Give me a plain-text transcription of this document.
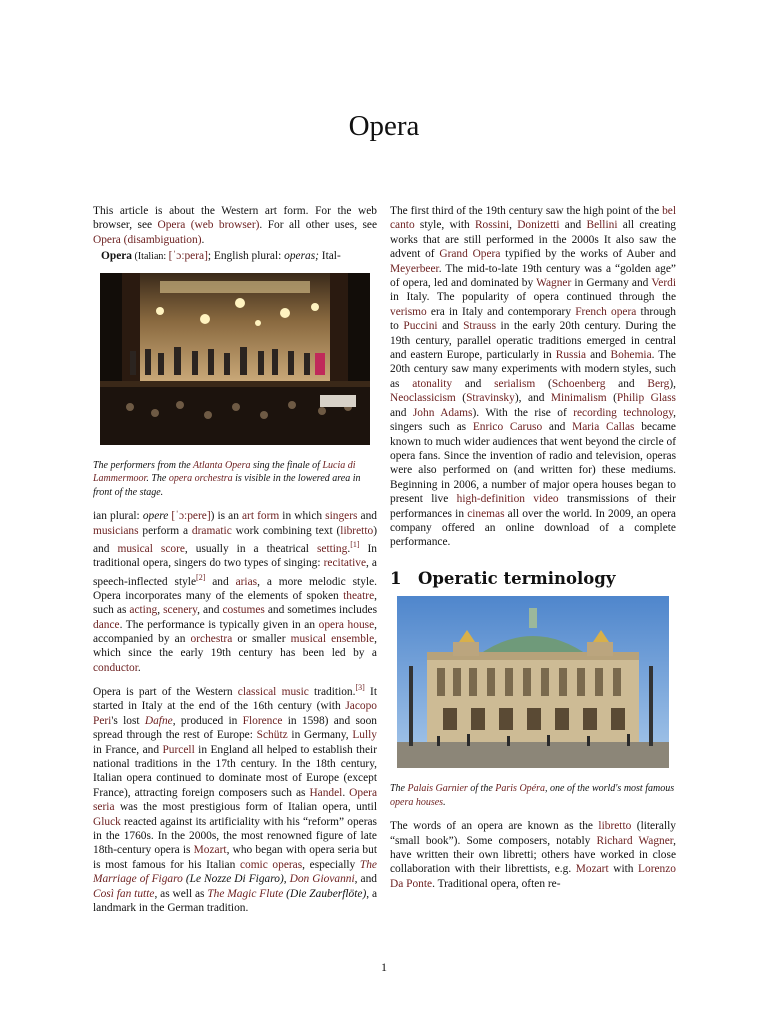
Opera

This article is about the Western art form. For the web browser, see Opera (web browser). For all other uses, see Opera (disambiguation).

Opera (Italian: [ˈɔːpera]; English plural: operas; Ital-

The performers from the Atlanta Opera sing the finale of Lucia di Lammermoor. The opera orchestra is visible in the lowered area in front of the stage.

ian plural: opere [ˈɔːpere]) is an art form in which singers and musicians perform a dramatic work combining text (libretto) and musical score, usually in a theatrical setting.[1] In traditional opera, singers do two types of singing: recitative, a speech-inflected style[2] and arias, a more melodic style. Opera incorporates many of the elements of spoken theatre, such as acting, scenery, and costumes and sometimes includes dance. The performance is typically given in an opera house, accompanied by an orchestra or smaller musical ensemble, which since the early 19th century has been led by a conductor.

Opera is part of the Western classical music tradition.[3] It started in Italy at the end of the 16th century (with Jacopo Peri's lost Dafne, produced in Florence in 1598) and soon spread through the rest of Europe: Schütz in Germany, Lully in France, and Purcell in England all helped to establish their national traditions in the 17th century. In the 18th century, Italian opera continued to dominate most of Europe (except France), attracting foreign composers such as Handel. Opera seria was the most prestigious form of Italian opera, until Gluck reacted against its artificiality with his “reform” operas in the 1760s. In the 2000s, the most renowned figure of late 18th-century opera is Mozart, who began with opera seria but is most famous for his Italian comic operas, especially The Marriage of Figaro (Le Nozze Di Figaro), Don Giovanni, and Così fan tutte, as well as The Magic Flute (Die Zauberflöte), a landmark in the German tradition.

The first third of the 19th century saw the high point of the bel canto style, with Rossini, Donizetti and Bellini all creating works that are still performed in the 2000s It also saw the advent of Grand Opera typified by the works of Auber and Meyerbeer. The mid-to-late 19th century was a “golden age” of opera, led and dominated by Wagner in Germany and Verdi in Italy. The popularity of opera continued through the verismo era in Italy and contemporary French opera through to Puccini and Strauss in the early 20th century. During the 19th century, parallel operatic traditions emerged in central and eastern Europe, particularly in Russia and Bohemia. The 20th century saw many experiments with modern styles, such as atonality and serialism (Schoenberg and Berg), Neoclassicism (Stravinsky), and Minimalism (Philip Glass and John Adams). With the rise of recording technology, singers such as Enrico Caruso and Maria Callas became known to much wider audiences that went beyond the circle of opera fans. Since the invention of radio and television, operas were also performed on (and written for) these mediums. Beginning in 2006, a number of major opera houses began to present live high-definition video transmissions of their performances in cinemas all over the world. In 2009, an opera company offered an online download of a complete performance.

1 Operatic terminology
The Palais Garnier of the Paris Opéra, one of the world's most famous opera houses.

The words of an opera are known as the libretto (literally “small book”). Some composers, notably Richard Wagner, have written their own libretti; others have worked in close collaboration with their librettists, e.g. Mozart with Lorenzo Da Ponte. Traditional opera, often re-

1
